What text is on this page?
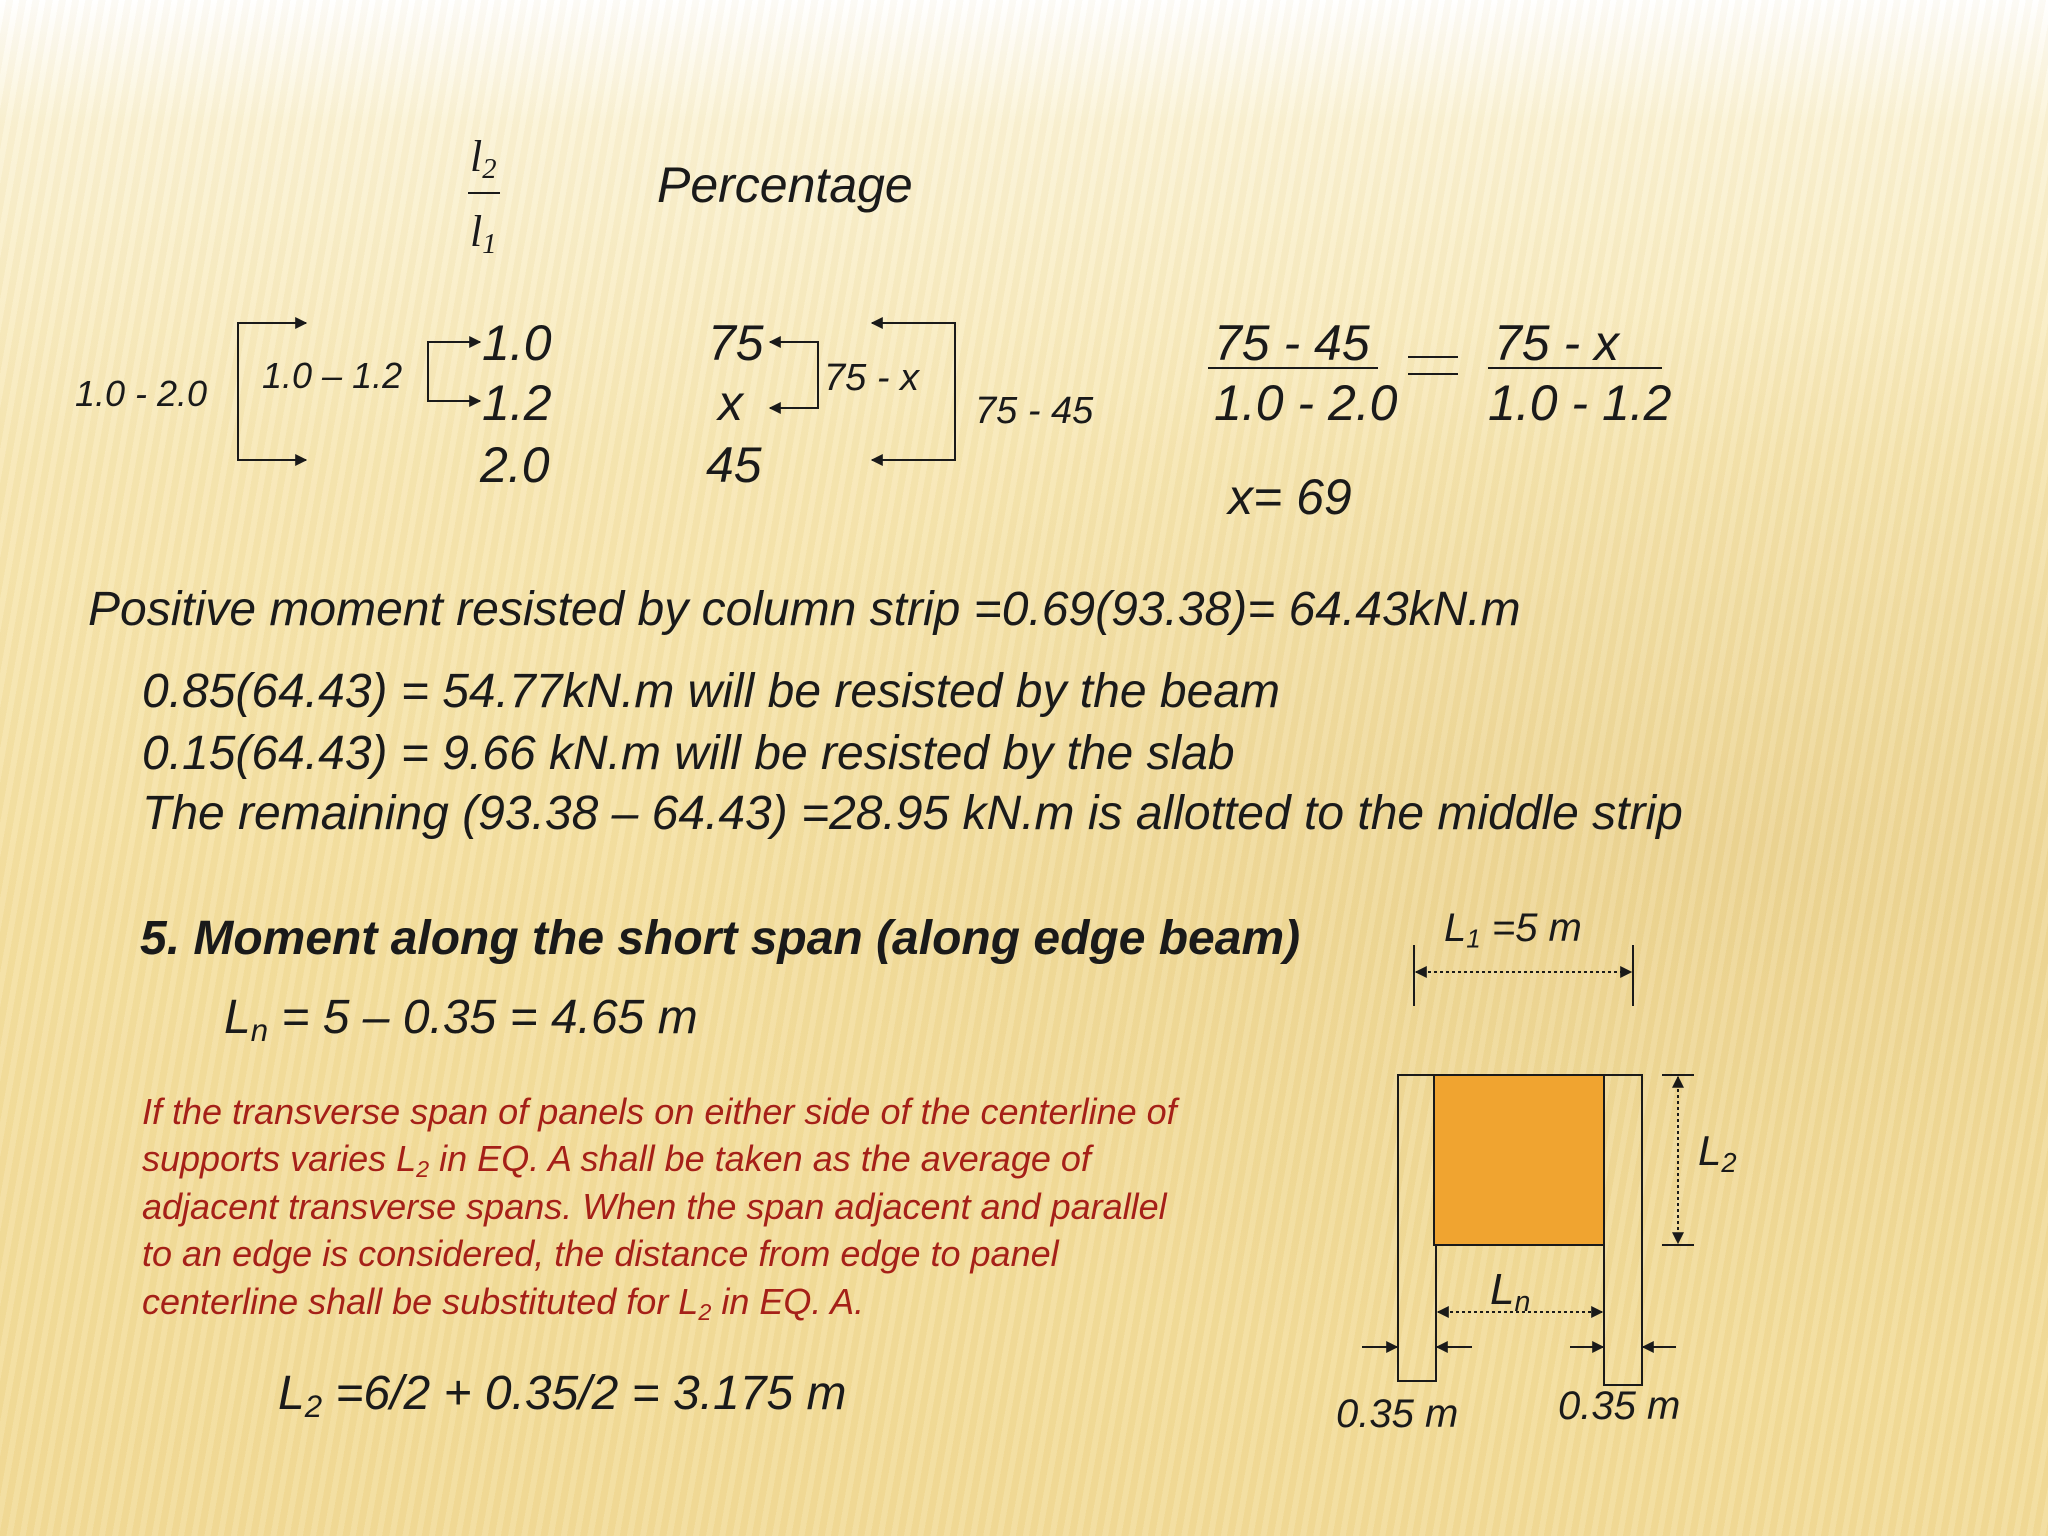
$l_2$
$l_1$
Percentage
1.0 - 2.0 1.0 – 1.2
1.0
1.2
2.0
75
x
45
75 - x
75 - 45
75 - 45
1.0 - 2.0
75 - x
1.0 - 1.2
x= 69
Positive moment resisted by column strip =0.69(93.38)= 64.43kN.m
0.85(64.43) = 54.77kN.m will be resisted by the beam
0.15(64.43) = 9.66 kN.m will be resisted by the slab
The remaining (93.38 – 64.43) =28.95 kN.m is allotted to the middle strip
5. Moment along the short span (along edge beam)
$L_n = 5 - 0.35 = 4.65$ m
If the transverse span of panels on either side of the centerline of
supports varies $L_2$ in EQ. A shall be taken as the average of
adjacent transverse spans. When the span adjacent and parallel
to an edge is considered, the distance from edge to panel
centerline shall be substituted for $L_2$ in EQ. A.
$L_2 =6/2 + 0.35/2 = 3.175$ m
$L_1 =5$ m
$L_2$
$L_n$
0.35 m 0.35 m
